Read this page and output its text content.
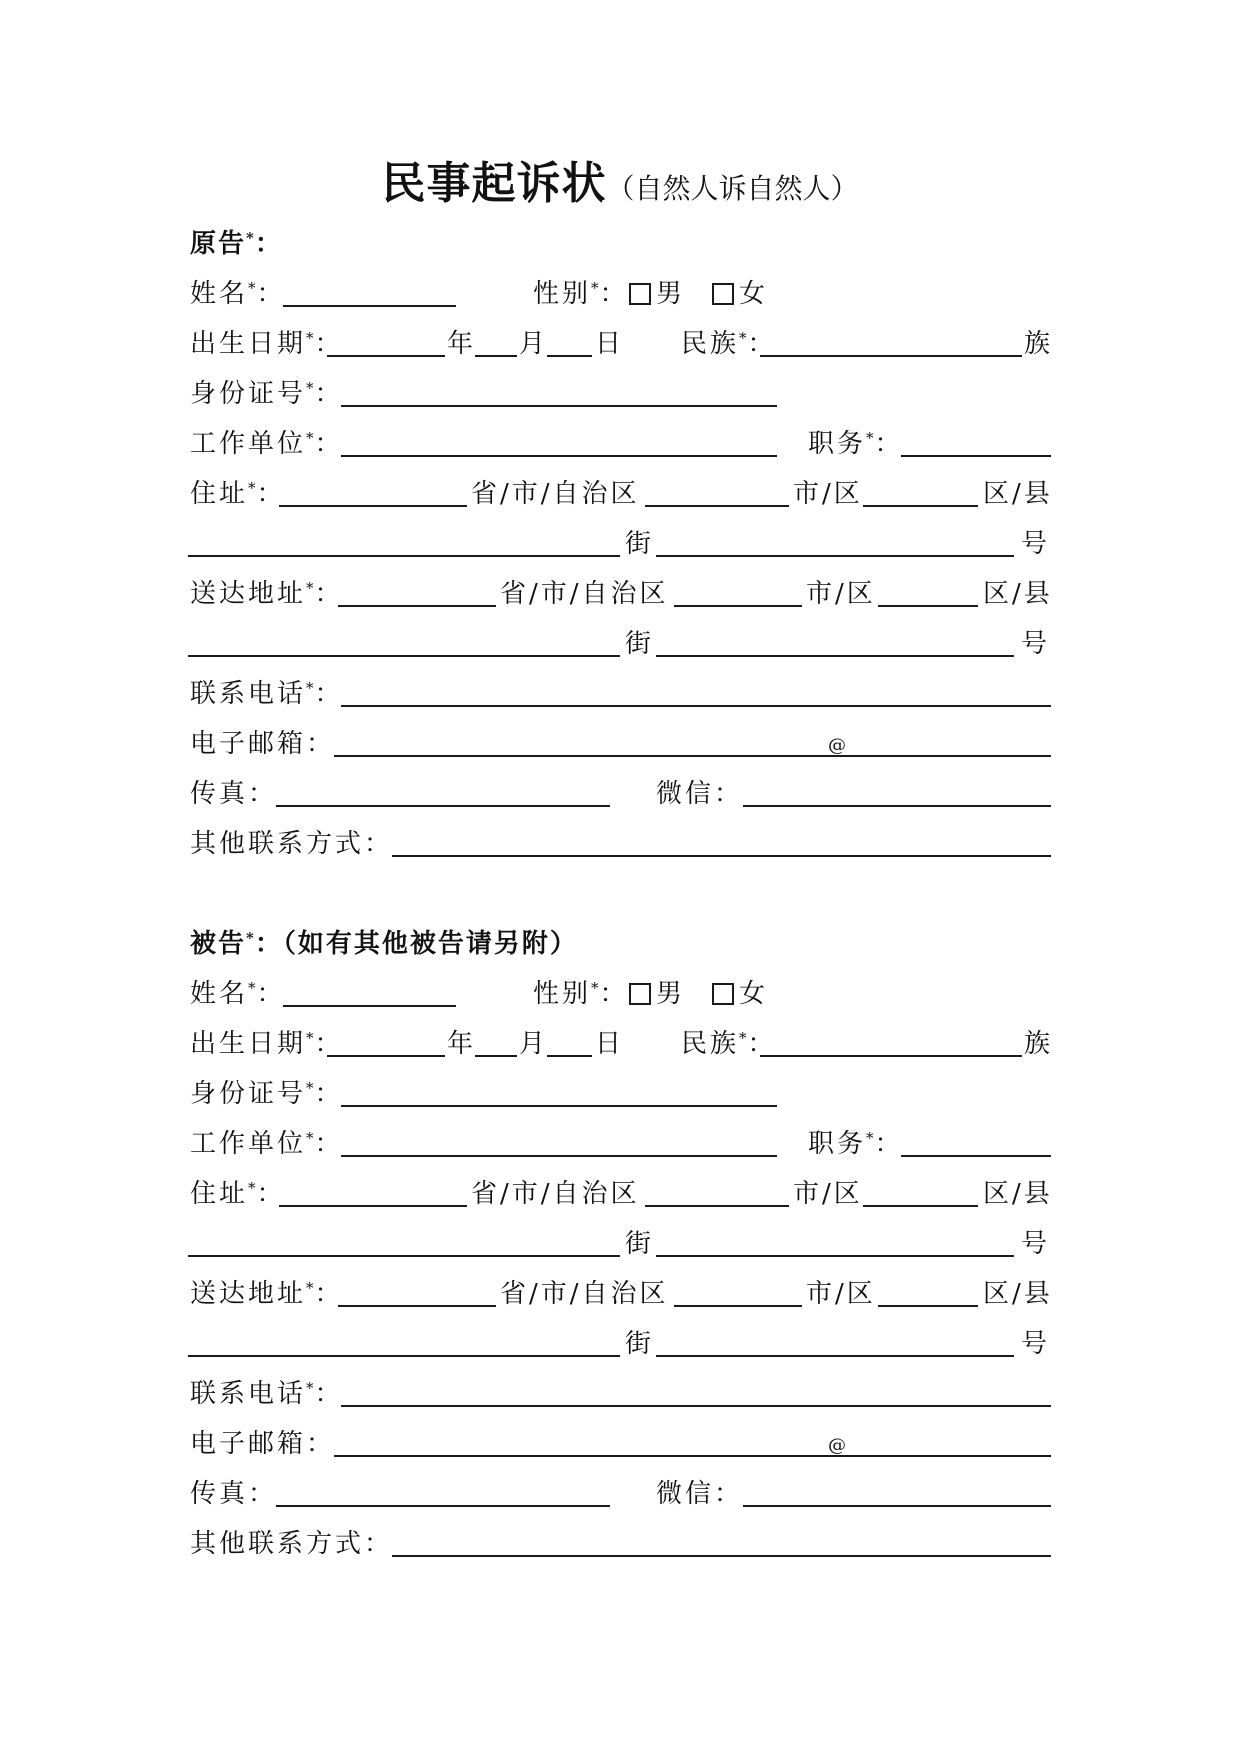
民事起诉状（自然人诉自然人）
原告*：
姓名*：	性别*： 男 女
出生日期*：	年 月 日 民族*：	族
身份证号*：
工作单位*：	职务*：
住址*：	省/市/自治区	市/区	区/县
街	号
送达地址*：	省/市/自治区	市/区	区/县
街	号
联系电话*：
电子邮箱：	@
传真：	微信：
其他联系方式：
被告*：（如有其他被告请另附）
姓名*：	性别*： 男 女
出生日期*：	年 月 日 民族*：	族
身份证号*：
工作单位*：	职务*：
住址*：	省/市/自治区	市/区	区/县
街	号
送达地址*：	省/市/自治区	市/区	区/县
街	号
联系电话*：
电子邮箱：	@
传真：	微信：
其他联系方式：
